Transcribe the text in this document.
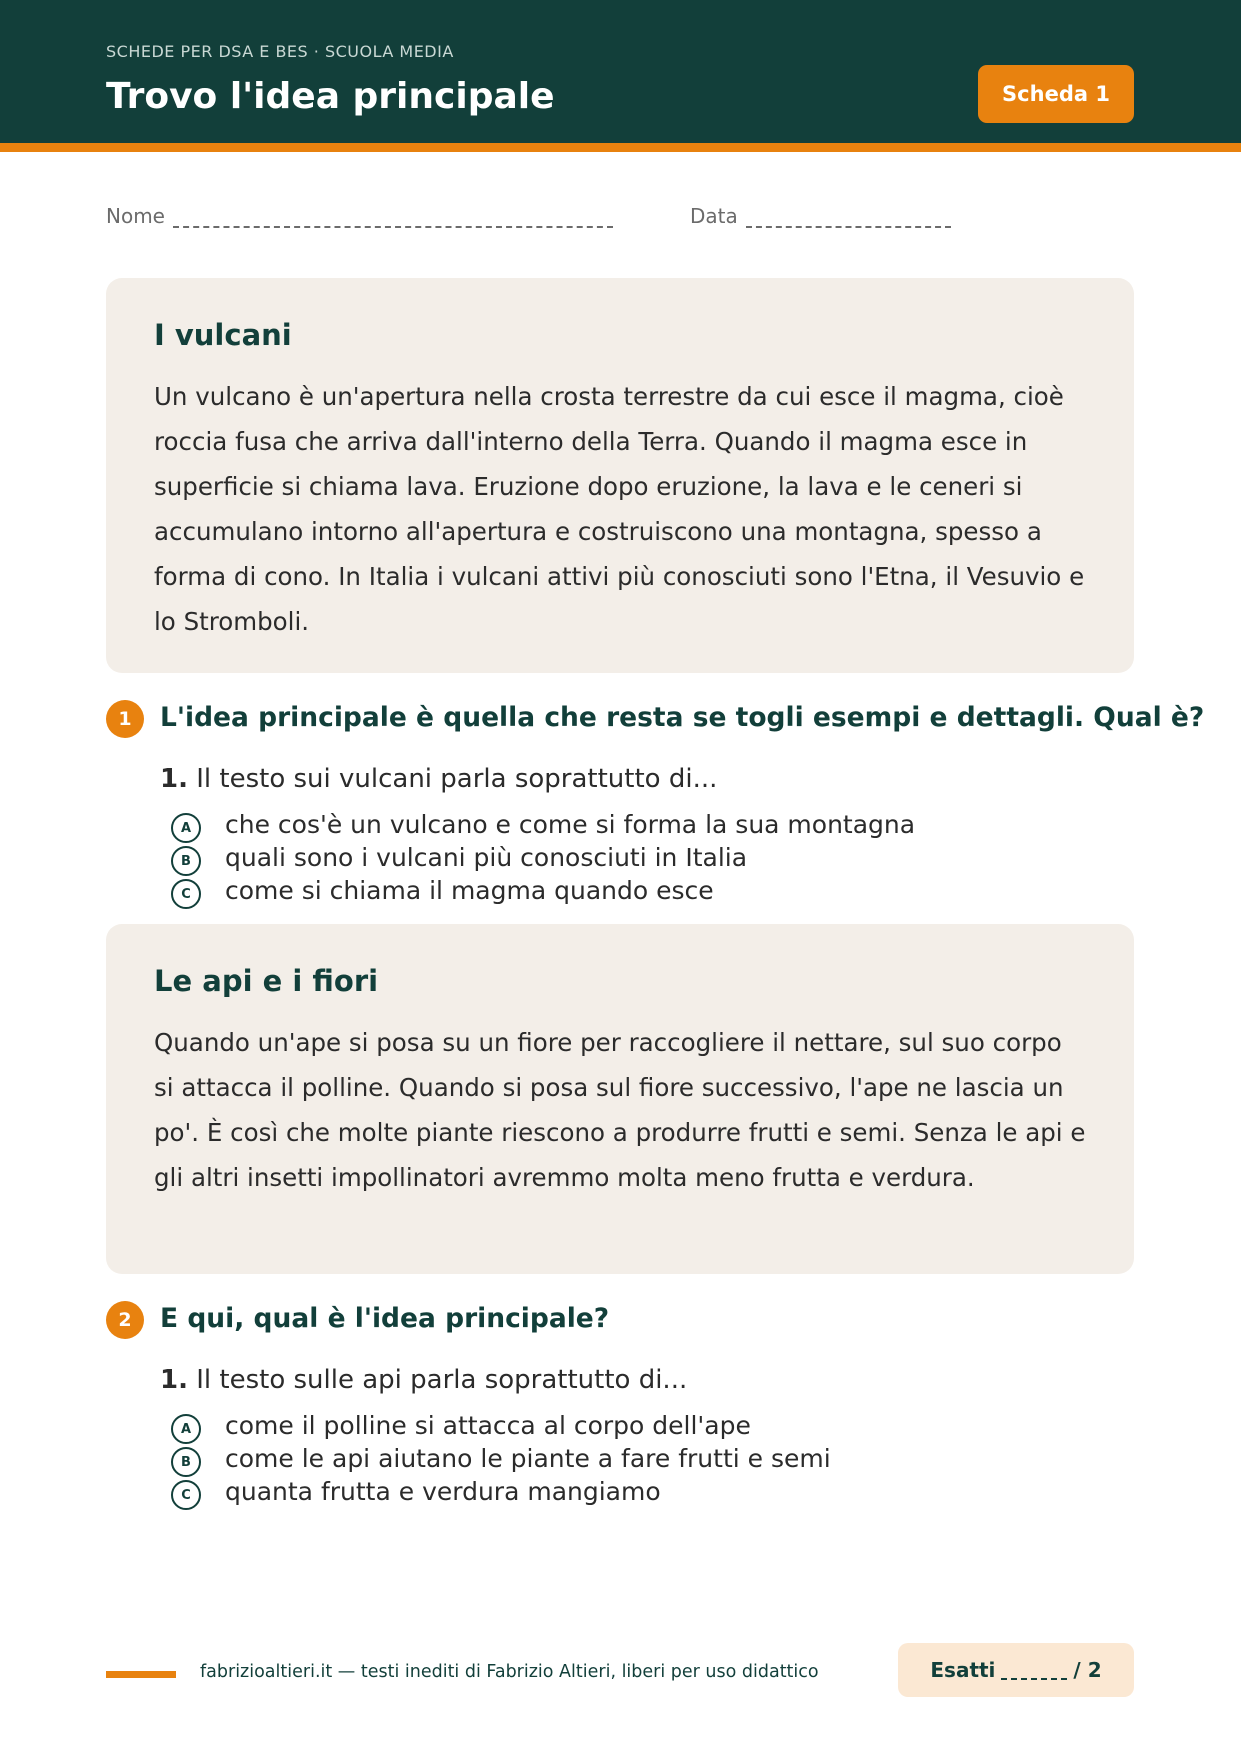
SCHEDE PER DSA E BES · SCUOLA MEDIA
Trovo l'idea principale	Scheda 1
Nome	Data
I vulcani

Un vulcano è un'apertura nella crosta terrestre da cui esce il magma, cioè roccia fusa che arriva dall'interno della Terra. Quando il magma esce in superficie si chiama lava. Eruzione dopo eruzione, la lava e le ceneri si accumulano intorno all'apertura e costruiscono una montagna, spesso a forma di cono. In Italia i vulcani attivi più conosciuti sono l'Etna, il Vesuvio e lo Stromboli.

1	L'idea principale è quella che resta se togli esempi e dettagli. Qual è?
1. Il testo sui vulcani parla soprattutto di...
A	che cos'è un vulcano e come si forma la sua montagna
B	quali sono i vulcani più conosciuti in Italia
C	come si chiama il magma quando esce
Le api e i fiori

Quando un'ape si posa su un fiore per raccogliere il nettare, sul suo corpo si attacca il polline. Quando si posa sul fiore successivo, l'ape ne lascia un po'. È così che molte piante riescono a produrre frutti e semi. Senza le api e gli altri insetti impollinatori avremmo molta meno frutta e verdura.

2	E qui, qual è l'idea principale?
1. Il testo sulle api parla soprattutto di...
A	come il polline si attacca al corpo dell'ape
B	come le api aiutano le piante a fare frutti e semi
C	quanta frutta e verdura mangiamo
fabrizioaltieri.it — testi inediti di Fabrizio Altieri, liberi per uso didattico	Esatti	/ 2
